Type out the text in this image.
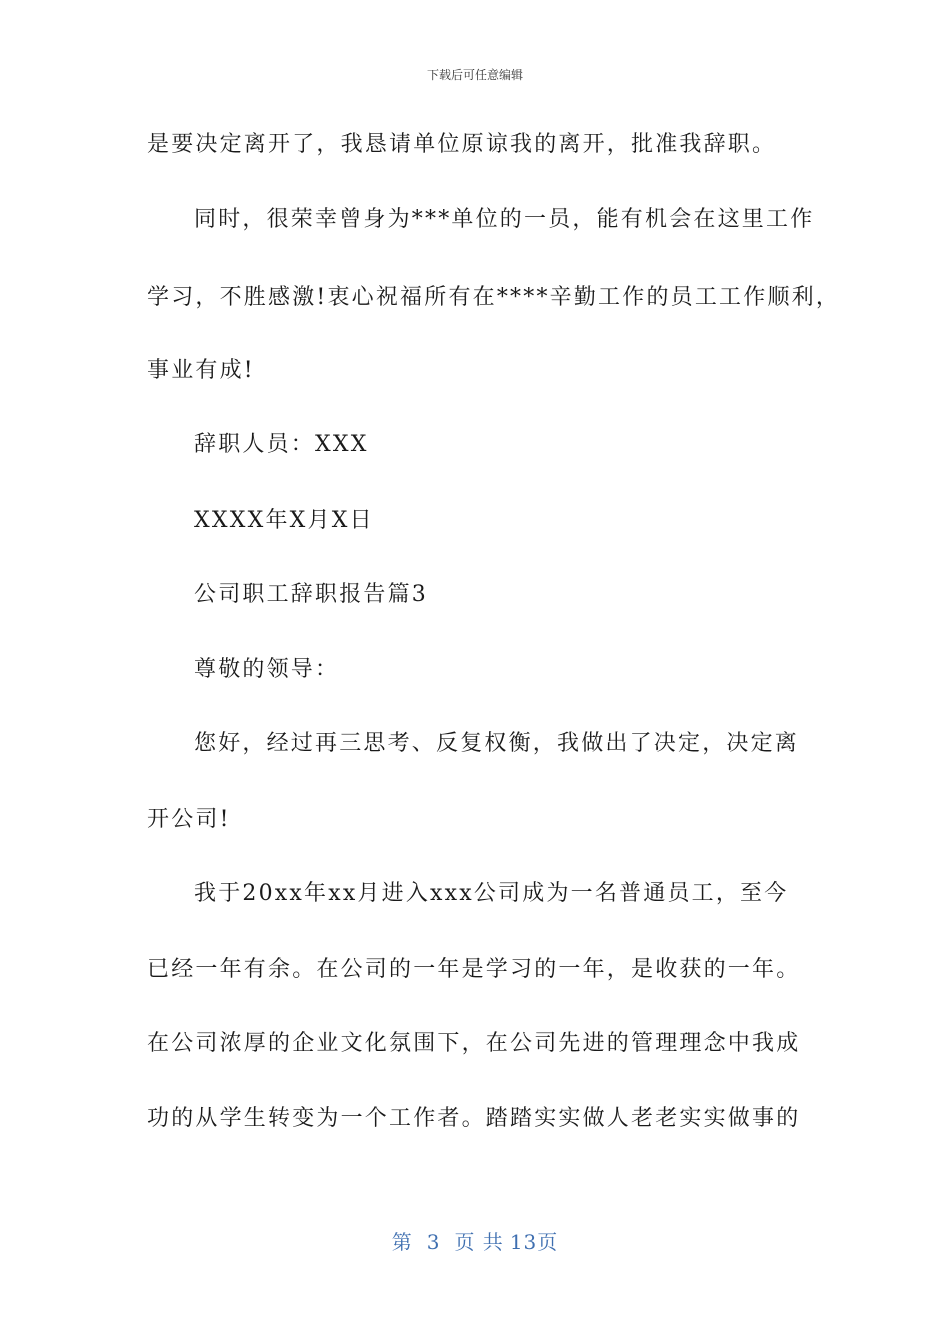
下载后可任意编辑
是要决定离开了，我恳请单位原谅我的离开，批准我辞职。
同时，很荣幸曾身为***单位的一员，能有机会在这里工作
学习，不胜感激!衷心祝福所有在****辛勤工作的员工工作顺利，
事业有成!
辞职人员：XXX
XXXX年X月X日
公司职工辞职报告篇3
尊敬的领导：
您好，经过再三思考、反复权衡，我做出了决定，决定离
开公司!
我于20xx年xx月进入xxx公司成为一名普通员工，至今
已经一年有余。在公司的一年是学习的一年，是收获的一年。
在公司浓厚的企业文化氛围下，在公司先进的管理理念中我成
功的从学生转变为一个工作者。踏踏实实做人老老实实做事的
第 3 页 共 13页
